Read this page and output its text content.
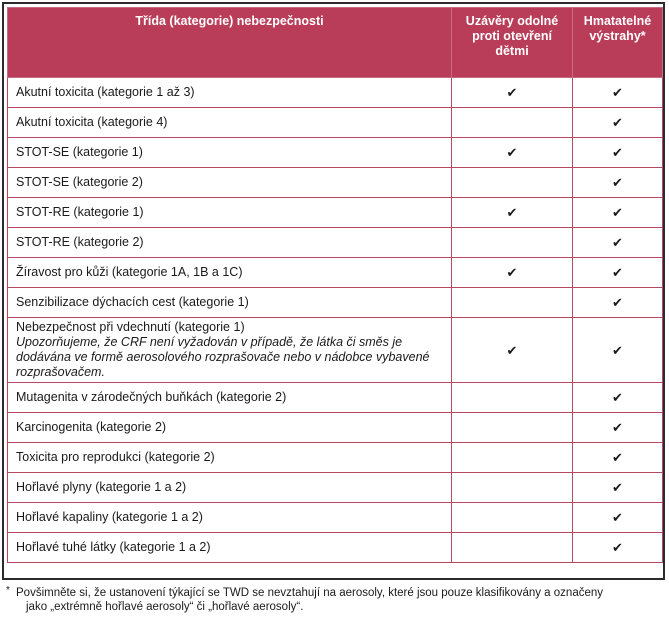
Třída (kategorie) nebezpečnosti	Uzávěry odolné proti otevření dětmi	Hmatatelné výstrahy*
Akutní toxicita (kategorie 1 až 3)	✔	✔
Akutní toxicita (kategorie 4)		✔
STOT-SE (kategorie 1)	✔	✔
STOT-SE (kategorie 2)		✔
STOT-RE (kategorie 1)	✔	✔
STOT-RE (kategorie 2)		✔
Žíravost pro kůži (kategorie 1A, 1B a 1C)	✔	✔
Senzibilizace dýchacích cest (kategorie 1)		✔
Nebezpečnost při vdechnutí (kategorie 1)
Upozorňujeme, že CRF není vyžadován v případě, že látka či směs je dodávána ve formě aerosolového rozprašovače nebo v nádobce vybavené rozprašovačem.	✔	✔
Mutagenita v zárodečných buňkách (kategorie 2)		✔
Karcinogenita (kategorie 2)		✔
Toxicita pro reprodukci (kategorie 2)		✔
Hořlavé plyny (kategorie 1 a 2)		✔
Hořlavé kapaliny (kategorie 1 a 2)		✔
Hořlavé tuhé látky (kategorie 1 a 2)		✔
* Povšimněte si, že ustanovení týkající se TWD se nevztahují na aerosoly, které jsou pouze klasifikovány a označeny
jako „extrémně hořlavé aerosoly“ či „hořlavé aerosoly“.
